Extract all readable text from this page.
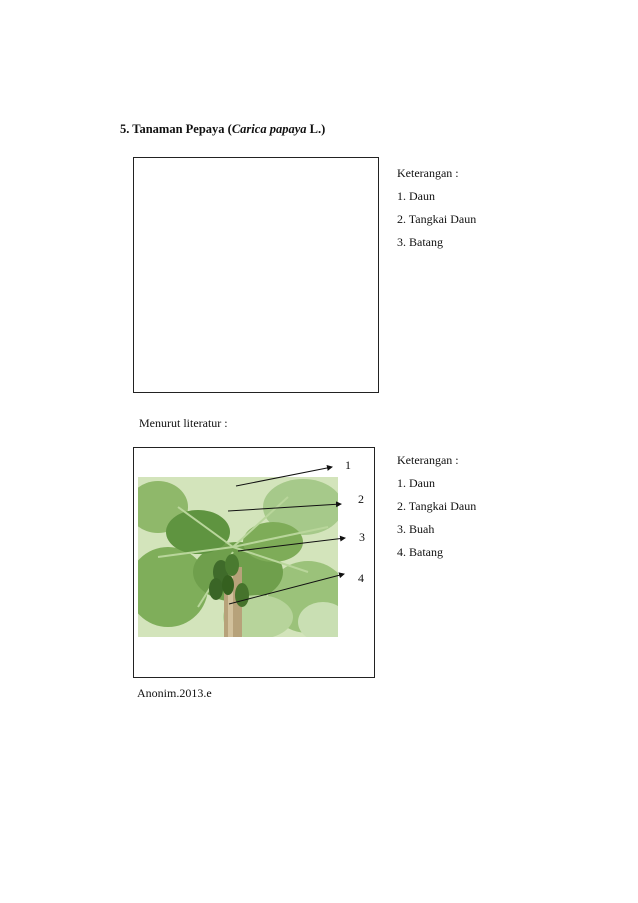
5. Tanaman Pepaya (Carica papaya L.)
Keterangan :
1. Daun
2. Tangkai Daun
3. Batang
Menurut literatur :
1
2
3
4
Keterangan :
1. Daun
2. Tangkai Daun
3. Buah
4. Batang
Anonim.2013.e
